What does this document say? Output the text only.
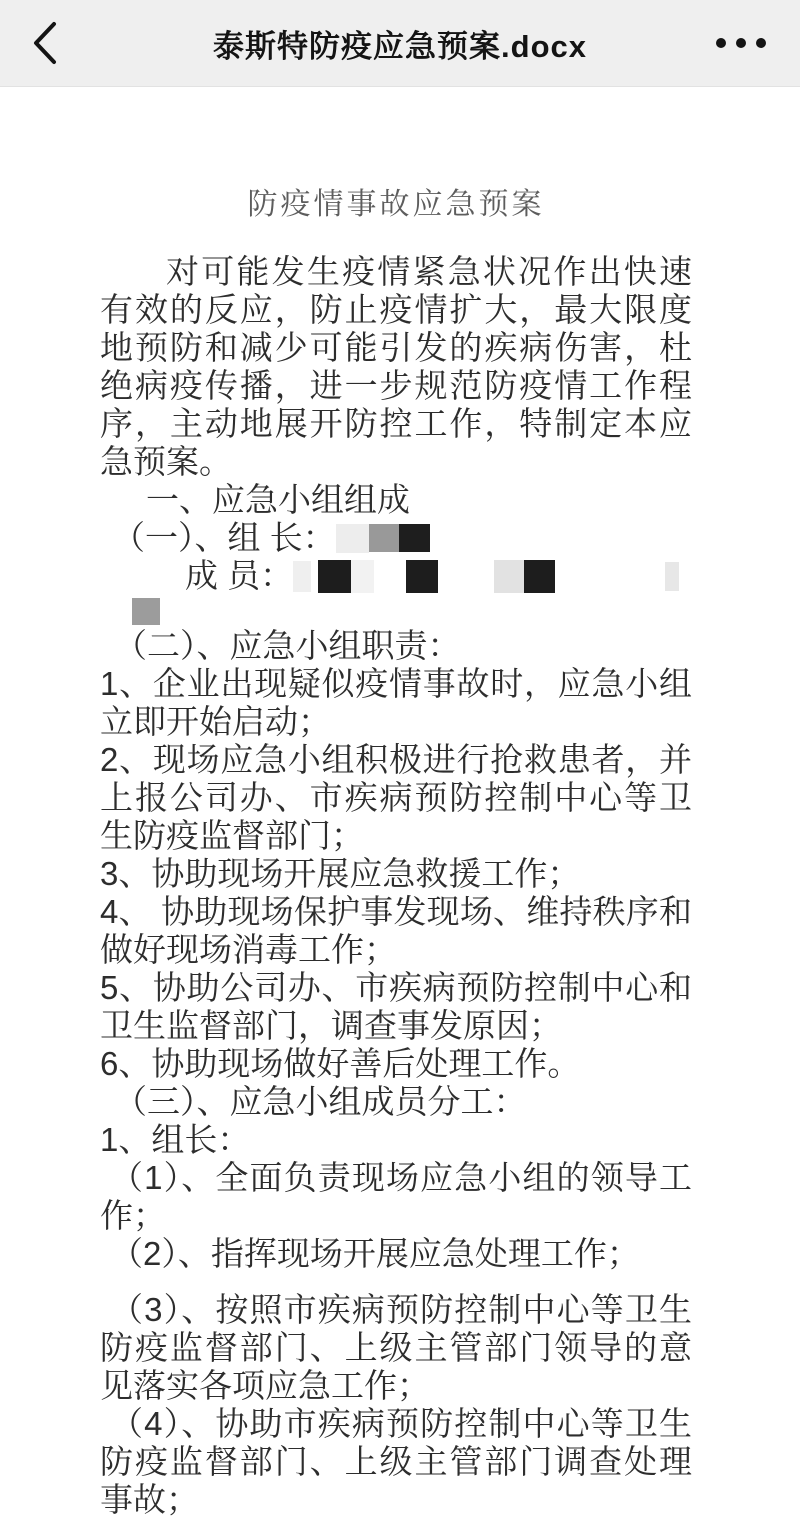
泰斯特防疫应急预案.docx
防疫情事故应急预案

对可能发生疫情紧急状况作出快速有效的反应，防止疫情扩大，最大限度地预防和减少可能引发的疾病伤害，杜绝病疫传播，进一步规范防疫情工作程序，主动地展开防控工作，特制定本应急预案。

一、应急小组组成

（一）、组 长：

成 员：

（二）、应急小组职责：

1、企业出现疑似疫情事故时，应急小组立即开始启动；

2、现场应急小组积极进行抢救患者，并上报公司办、市疾病预防控制中心等卫生防疫监督部门；

3、协助现场开展应急救援工作；

4、 协助现场保护事发现场、维持秩序和做好现场消毒工作；

5、协助公司办、市疾病预防控制中心和卫生监督部门，调查事发原因；

6、协助现场做好善后处理工作。

（三）、应急小组成员分工：

1、组长：

（1）、全面负责现场应急小组的领导工作；

（2）、指挥现场开展应急处理工作；

（3）、按照市疾病预防控制中心等卫生防疫监督部门、上级主管部门领导的意见落实各项应急工作；

（4）、协助市疾病预防控制中心等卫生防疫监督部门、上级主管部门调查处理事故；
